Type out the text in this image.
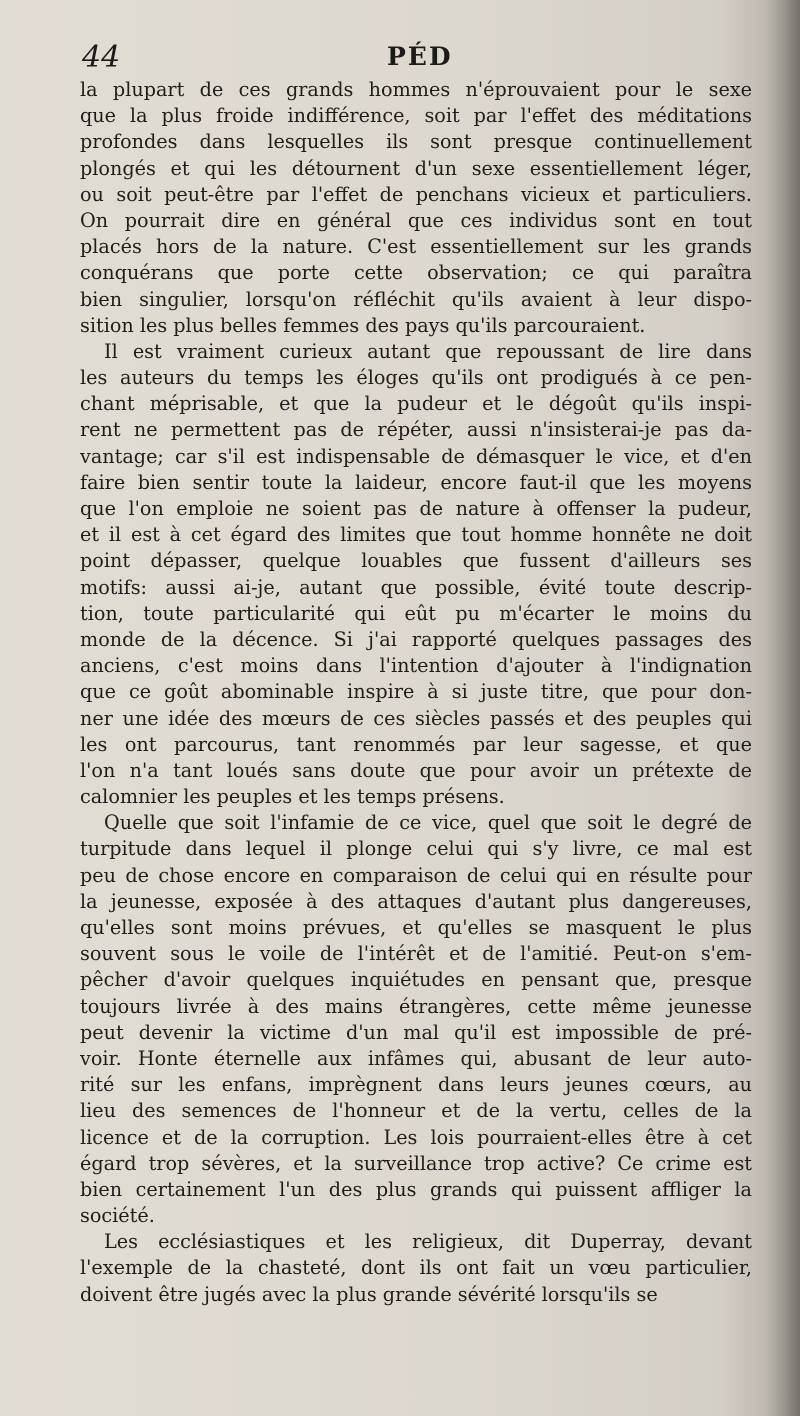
44	PÉD
la plupart de ces grands hommes n'éprouvaient pour le sexe
que la plus froide indifférence, soit par l'effet des méditations
profondes dans lesquelles ils sont presque continuellement
plongés et qui les détournent d'un sexe essentiellement léger,
ou soit peut-être par l'effet de penchans vicieux et particuliers.
On pourrait dire en général que ces individus sont en tout
placés hors de la nature. C'est essentiellement sur les grands
conquérans que porte cette observation; ce qui paraîtra
bien singulier, lorsqu'on réfléchit qu'ils avaient à leur dispo-
sition les plus belles femmes des pays qu'ils parcouraient.
Il est vraiment curieux autant que repoussant de lire dans
les auteurs du temps les éloges qu'ils ont prodigués à ce pen-
chant méprisable, et que la pudeur et le dégoût qu'ils inspi-
rent ne permettent pas de répéter, aussi n'insisterai-je pas da-
vantage; car s'il est indispensable de démasquer le vice, et d'en
faire bien sentir toute la laideur, encore faut-il que les moyens
que l'on emploie ne soient pas de nature à offenser la pudeur,
et il est à cet égard des limites que tout homme honnête ne doit
point dépasser, quelque louables que fussent d'ailleurs ses
motifs: aussi ai-je, autant que possible, évité toute descrip-
tion, toute particularité qui eût pu m'écarter le moins du
monde de la décence. Si j'ai rapporté quelques passages des
anciens, c'est moins dans l'intention d'ajouter à l'indignation
que ce goût abominable inspire à si juste titre, que pour don-
ner une idée des mœurs de ces siècles passés et des peuples qui
les ont parcourus, tant renommés par leur sagesse, et que
l'on n'a tant loués sans doute que pour avoir un prétexte de
calomnier les peuples et les temps présens.
Quelle que soit l'infamie de ce vice, quel que soit le degré de
turpitude dans lequel il plonge celui qui s'y livre, ce mal est
peu de chose encore en comparaison de celui qui en résulte pour
la jeunesse, exposée à des attaques d'autant plus dangereuses,
qu'elles sont moins prévues, et qu'elles se masquent le plus
souvent sous le voile de l'intérêt et de l'amitié. Peut-on s'em-
pêcher d'avoir quelques inquiétudes en pensant que, presque
toujours livrée à des mains étrangères, cette même jeunesse
peut devenir la victime d'un mal qu'il est impossible de pré-
voir. Honte éternelle aux infâmes qui, abusant de leur auto-
rité sur les enfans, imprègnent dans leurs jeunes cœurs, au
lieu des semences de l'honneur et de la vertu, celles de la
licence et de la corruption. Les lois pourraient-elles être à cet
égard trop sévères, et la surveillance trop active? Ce crime est
bien certainement l'un des plus grands qui puissent affliger la
société.
Les ecclésiastiques et les religieux, dit Duperray, devant
l'exemple de la chasteté, dont ils ont fait un vœu particulier,
doivent être jugés avec la plus grande sévérité lorsqu'ils se
